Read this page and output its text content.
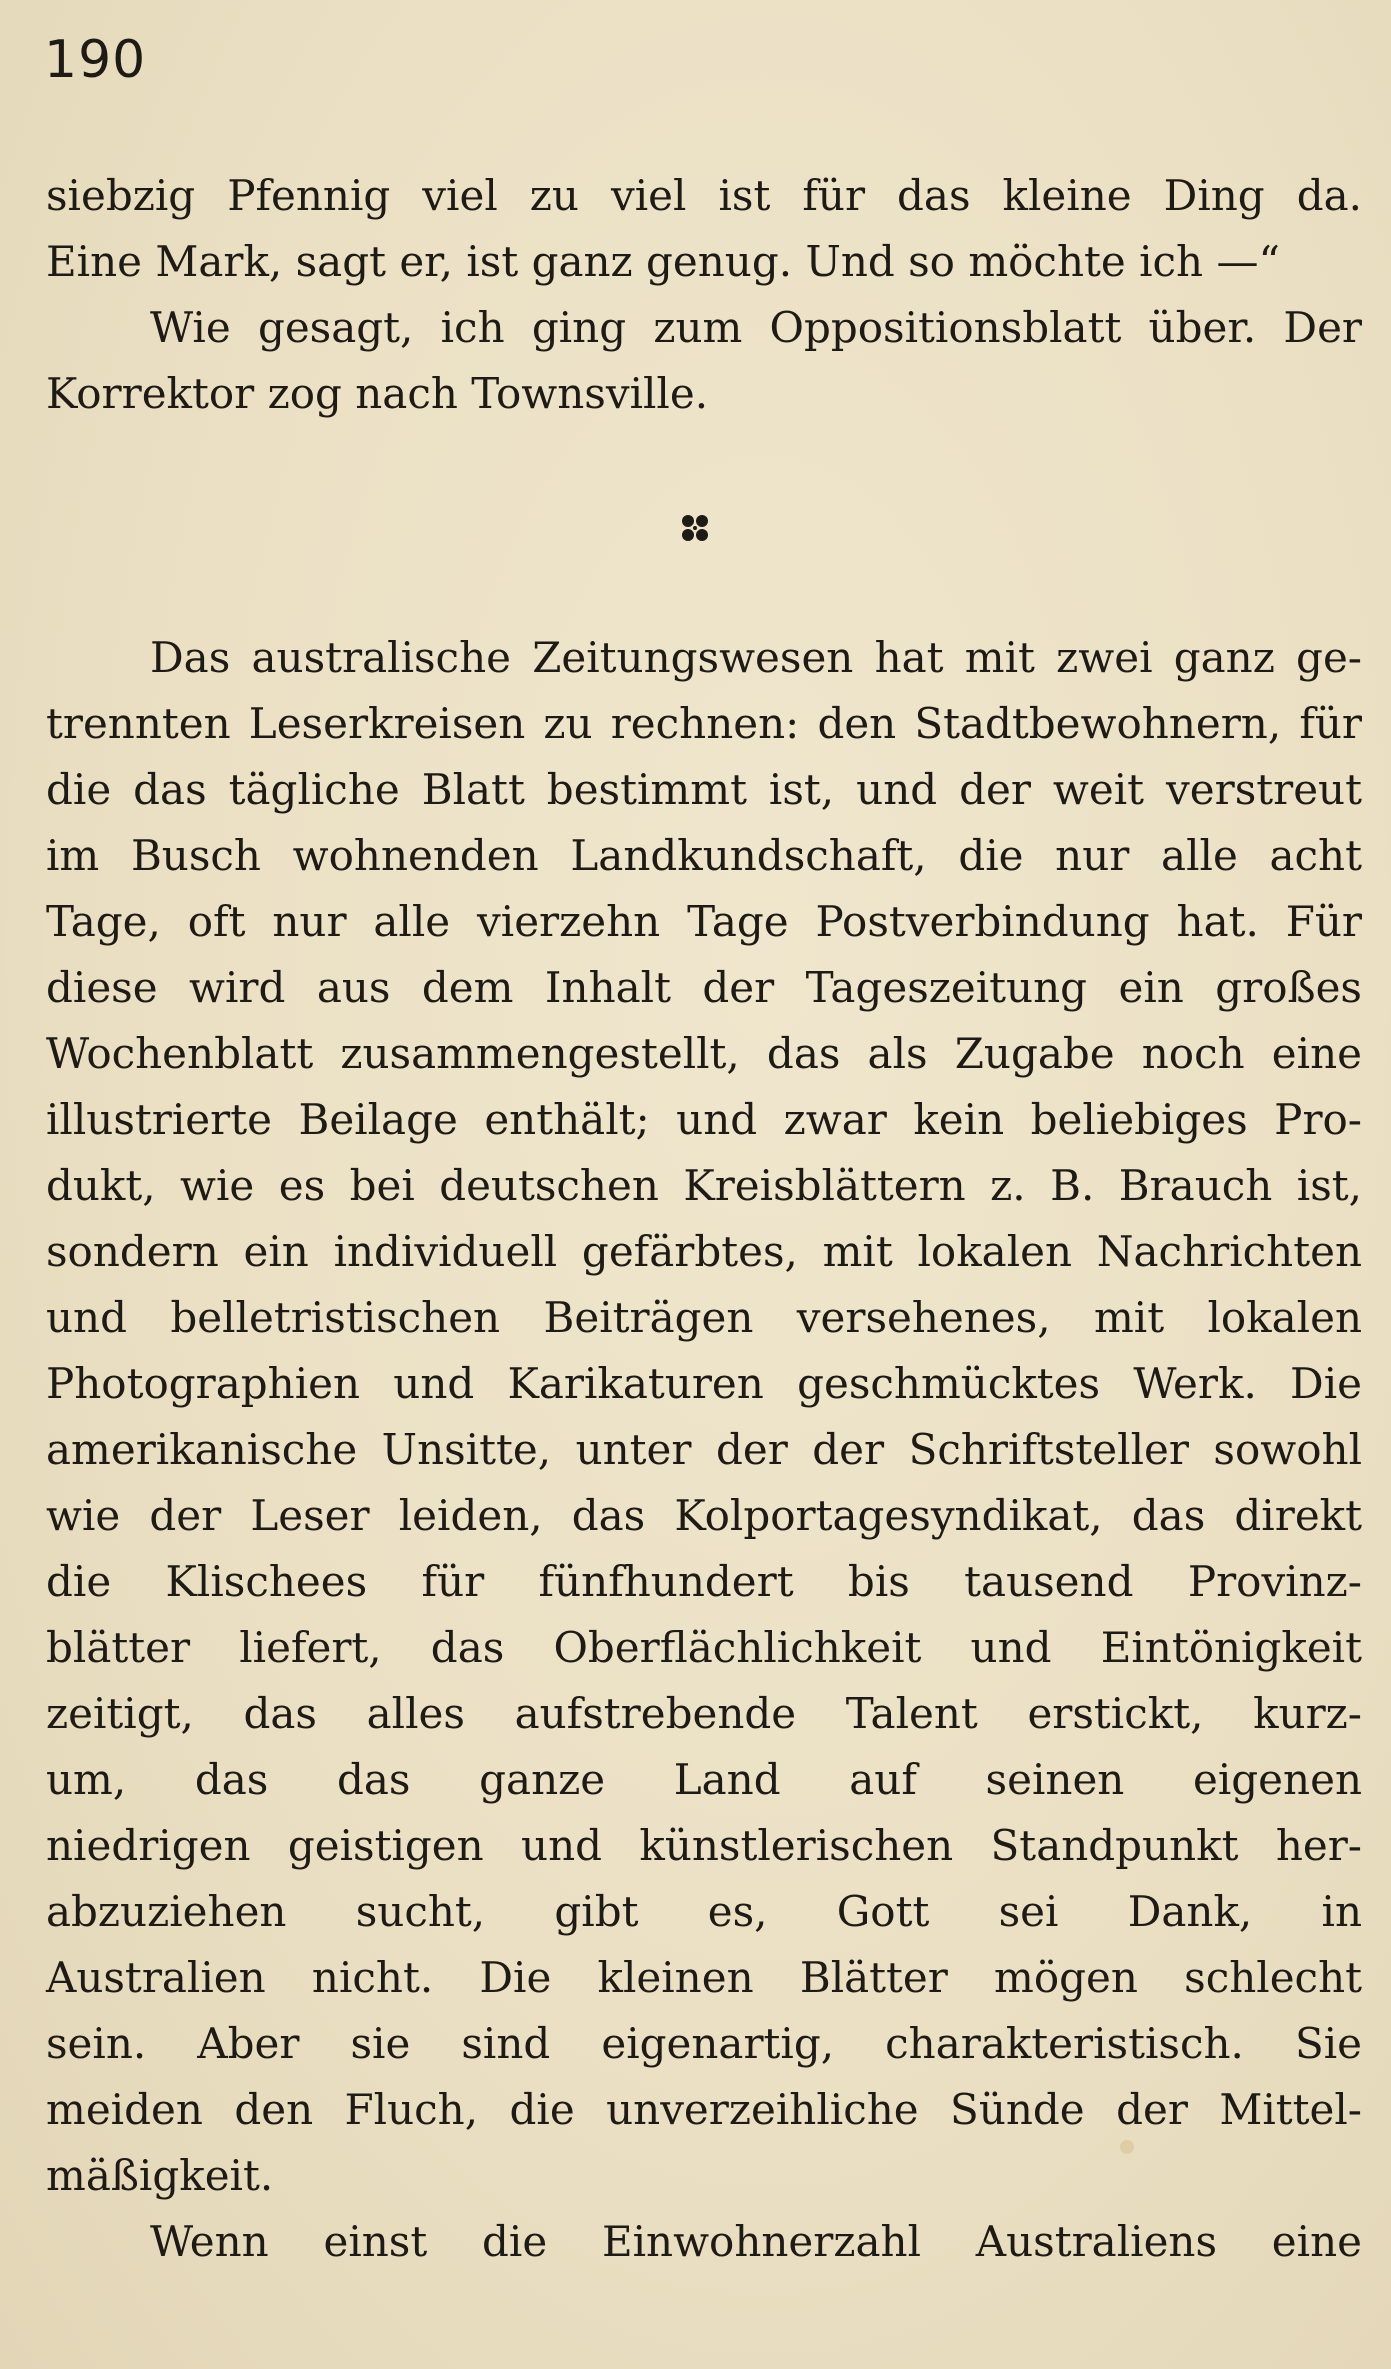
190
siebzig Pfennig viel zu viel ist für das kleine Ding da.
Eine Mark, sagt er, ist ganz genug. Und so möchte ich —“
Wie gesagt, ich ging zum Oppositionsblatt über. Der
Korrektor zog nach Townsville.
Das australische Zeitungswesen hat mit zwei ganz ge-
trennten Leserkreisen zu rechnen: den Stadtbewohnern, für
die das tägliche Blatt bestimmt ist, und der weit verstreut
im Busch wohnenden Landkundschaft, die nur alle acht
Tage, oft nur alle vierzehn Tage Postverbindung hat. Für
diese wird aus dem Inhalt der Tageszeitung ein großes
Wochenblatt zusammengestellt, das als Zugabe noch eine
illustrierte Beilage enthält; und zwar kein beliebiges Pro-
dukt, wie es bei deutschen Kreisblättern z. B. Brauch ist,
sondern ein individuell gefärbtes, mit lokalen Nachrichten
und belletristischen Beiträgen versehenes, mit lokalen
Photographien und Karikaturen geschmücktes Werk. Die
amerikanische Unsitte, unter der der Schriftsteller sowohl
wie der Leser leiden, das Kolportagesyndikat, das direkt
die Klischees für fünfhundert bis tausend Provinz-
blätter liefert, das Oberflächlichkeit und Eintönigkeit
zeitigt, das alles aufstrebende Talent erstickt, kurz-
um, das das ganze Land auf seinen eigenen
niedrigen geistigen und künstlerischen Standpunkt her-
abzuziehen sucht, gibt es, Gott sei Dank, in
Australien nicht. Die kleinen Blätter mögen schlecht
sein. Aber sie sind eigenartig, charakteristisch. Sie
meiden den Fluch, die unverzeihliche Sünde der Mittel-
mäßigkeit.
Wenn einst die Einwohnerzahl Australiens eine
